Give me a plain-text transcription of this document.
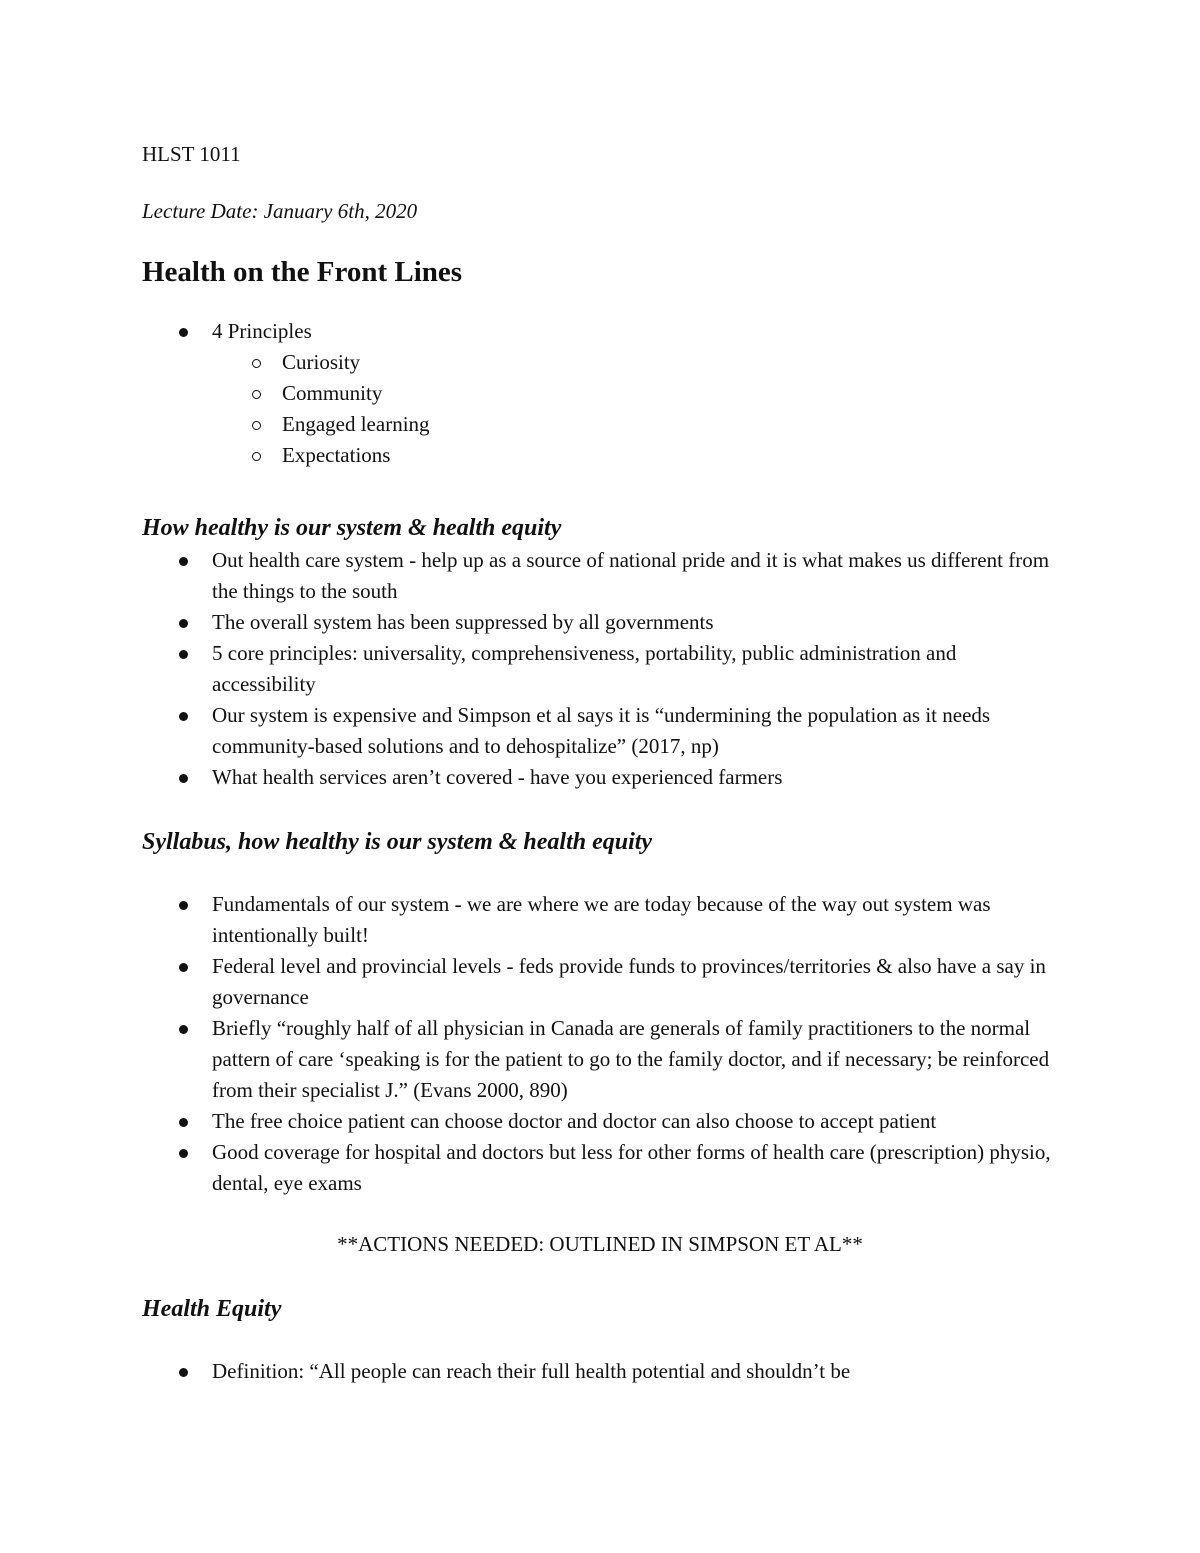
HLST 1011

Lecture Date: January 6th, 2020

Health on the Front Lines
4 Principles
Curiosity
Community
Engaged learning
Expectations
How healthy is our system & health equity
Out health care system - help up as a source of national pride and it is what makes us different from the things to the south
The overall system has been suppressed by all governments
5 core principles: universality, comprehensiveness, portability, public administration and accessibility
Our system is expensive and Simpson et al says it is “undermining the population as it needs community-based solutions and to dehospitalize” (2017, np)
What health services aren’t covered - have you experienced farmers
Syllabus, how healthy is our system & health equity
Fundamentals of our system - we are where we are today because of the way out system was intentionally built!
Federal level and provincial levels - feds provide funds to provinces/territories & also have a say in governance
Briefly “roughly half of all physician in Canada are generals of family practitioners to the normal pattern of care ‘speaking is for the patient to go to the family doctor, and if necessary; be reinforced from their specialist J.” (Evans 2000, 890)
The free choice patient can choose doctor and doctor can also choose to accept patient
Good coverage for hospital and doctors but less for other forms of health care (prescription) physio, dental, eye exams

**ACTIONS NEEDED: OUTLINED IN SIMPSON ET AL**

Health Equity
Definition: “All people can reach their full health potential and shouldn’t be
